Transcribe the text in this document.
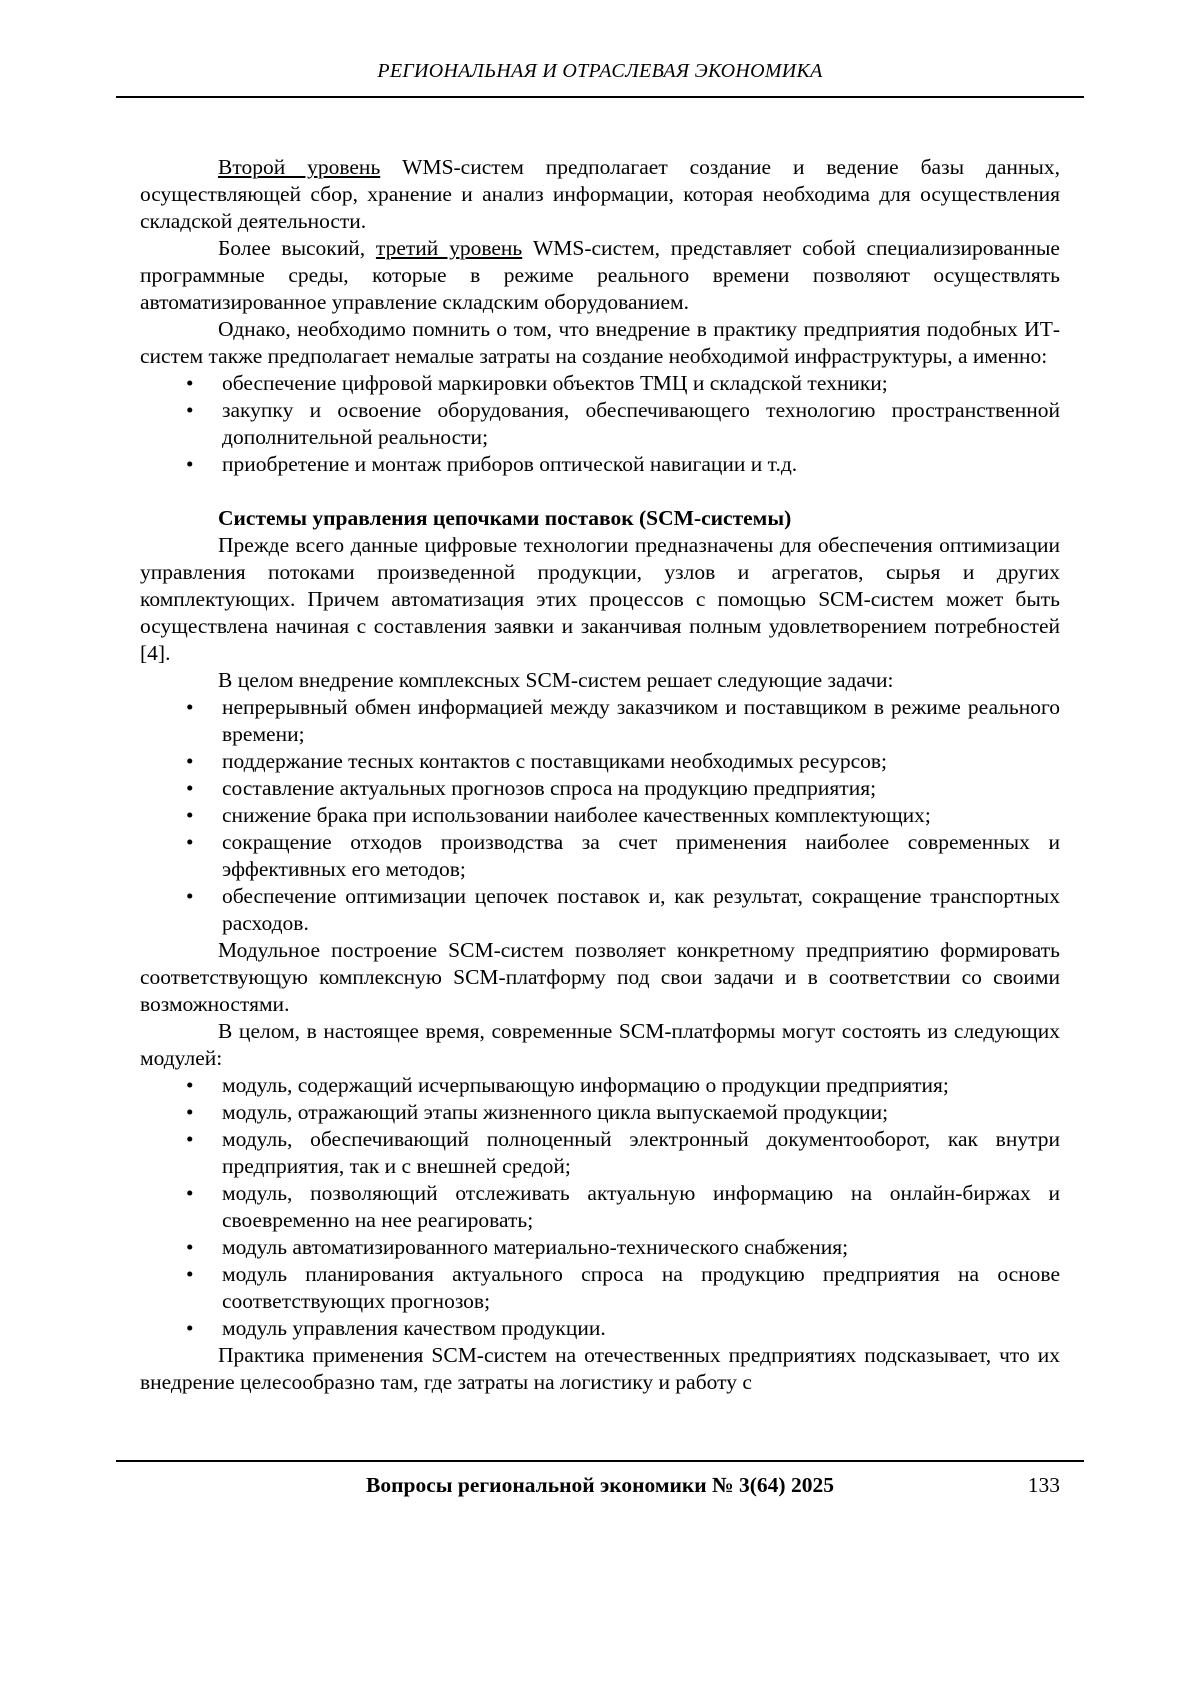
РЕГИОНАЛЬНАЯ И ОТРАСЛЕВАЯ ЭКОНОМИКА

Второй уровень WMS-систем предполагает создание и ведение базы данных, осуществляющей сбор, хранение и анализ информации, которая необходима для осуществления складской деятельности.

Более высокий, третий уровень WMS-систем, представляет собой специализированные программные среды, которые в режиме реального времени позволяют осуществлять автоматизированное управление складским оборудованием.

Однако, необходимо помнить о том, что внедрение в практику предприятия подобных ИТ-систем также предполагает немалые затраты на создание необходимой инфраструктуры, а именно:

• обеспечение цифровой маркировки объектов ТМЦ и складской техники;
• закупку и освоение оборудования, обеспечивающего технологию пространственной дополнительной реальности;
• приобретение и монтаж приборов оптической навигации и т.д.
Системы управления цепочками поставок (SCM-системы)

Прежде всего данные цифровые технологии предназначены для обеспечения оптимизации управления потоками произведенной продукции, узлов и агрегатов, сырья и других комплектующих. Причем автоматизация этих процессов с помощью SCM-систем может быть осуществлена начиная с составления заявки и заканчивая полным удовлетворением потребностей [4].

В целом внедрение комплексных SCM-систем решает следующие задачи:

• непрерывный обмен информацией между заказчиком и поставщиком в режиме реального времени;
• поддержание тесных контактов с поставщиками необходимых ресурсов;
• составление актуальных прогнозов спроса на продукцию предприятия;
• снижение брака при использовании наиболее качественных комплектующих;
• сокращение отходов производства за счет применения наиболее современных и эффективных его методов;
• обеспечение оптимизации цепочек поставок и, как результат, сокращение транспортных расходов.

Модульное построение SCM-систем позволяет конкретному предприятию формировать соответствующую комплексную SCM-платформу под свои задачи и в соответствии со своими возможностями.

В целом, в настоящее время, современные SCM-платформы могут состоять из следующих модулей:

• модуль, содержащий исчерпывающую информацию о продукции предприятия;
• модуль, отражающий этапы жизненного цикла выпускаемой продукции;
• модуль, обеспечивающий полноценный электронный документооборот, как внутри предприятия, так и с внешней средой;
• модуль, позволяющий отслеживать актуальную информацию на онлайн-биржах и своевременно на нее реагировать;
• модуль автоматизированного материально-технического снабжения;
• модуль планирования актуального спроса на продукцию предприятия на основе соответствующих прогнозов;
• модуль управления качеством продукции.

Практика применения SCM-систем на отечественных предприятиях подсказывает, что их внедрение целесообразно там, где затраты на логистику и работу с

Вопросы региональной экономики № 3(64) 2025	133
